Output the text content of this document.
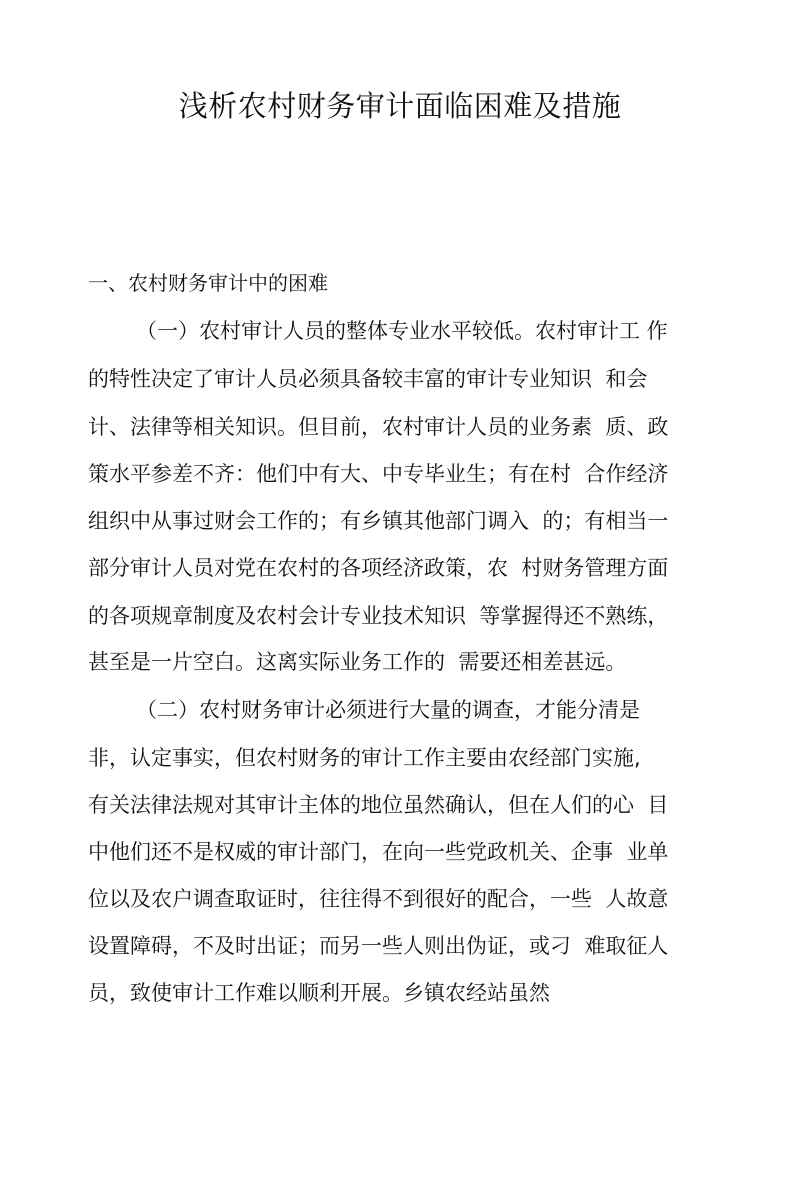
浅析农村财务审计面临困难及措施
一、农村财务审计中的困难
（一）农村审计人员的整体专业水平较低。农村审计工 作
的特性决定了审计人员必须具备较丰富的审计专业知识  和会
计、法律等相关知识。但目前，农村审计人员的业务素  质、政
策水平参差不齐：他们中有大、中专毕业生；有在村  合作经济
组织中从事过财会工作的；有乡镇其他部门调入  的；有相当一
部分审计人员对党在农村的各项经济政策，农  村财务管理方面
的各项规章制度及农村会计专业技术知识  等掌握得还不熟练，
甚至是一片空白。这离实际业务工作的  需要还相差甚远。
（二）农村财务审计必须进行大量的调查，才能分清是
非，认定事实，但农村财务的审计工作主要由农经部门实施,
有关法律法规对其审计主体的地位虽然确认，但在人们的心  目
中他们还不是权威的审计部门，在向一些党政机关、企事  业单
位以及农户调查取证时，往往得不到很好的配合，一些  人故意
设置障碍，不及时出证；而另一些人则出伪证，或刁  难取征人
员，致使审计工作难以顺利开展。乡镇农经站虽然
